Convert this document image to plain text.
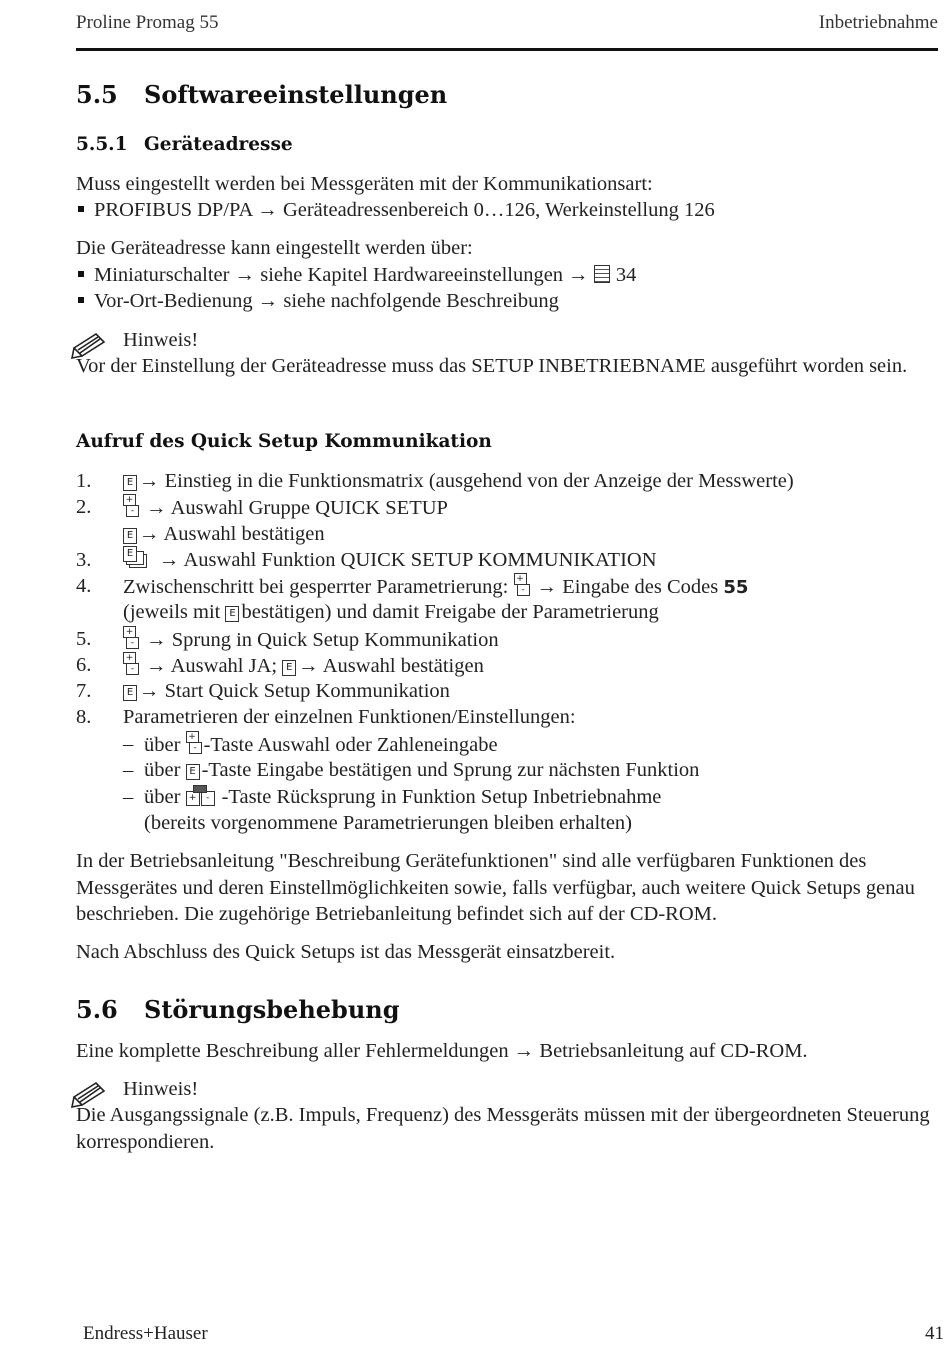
Proline Promag 55	Inbetriebnahme
5.5 Softwareeinstellungen
5.5.1 Geräteadresse
Muss eingestellt werden bei Messgeräten mit der Kommunikationsart:
PROFIBUS DP/PA → Geräteadressenbereich 0…126, Werkeinstellung 126
Die Geräteadresse kann eingestellt werden über:
Miniaturschalter → siehe Kapitel Hardwareeinstellungen → 34
Vor-Ort-Bedienung → siehe nachfolgende Beschreibung
Hinweis!
Vor der Einstellung der Geräteadresse muss das SETUP INBETRIEBNAME ausgeführt worden sein.
Aufruf des Quick Setup Kommunikation
1.	E → Einstieg in die Funktionsmatrix (ausgehend von der Anzeige der Messwerte)
2.	+
- → Auswahl Gruppe QUICK SETUP
E → Auswahl bestätigen
3.	E → Auswahl Funktion QUICK SETUP KOMMUNIKATION
4.	Zwischenschritt bei gesperrter Parametrierung: +
- → Eingabe des Codes 55
(jeweils mit E bestätigen) und damit Freigabe der Parametrierung
5.	+
- → Sprung in Quick Setup Kommunikation
6.	+
- → Auswahl JA; E → Auswahl bestätigen
7.	E → Start Quick Setup Kommunikation
8.	Parametrieren der einzelnen Funktionen/Einstellungen:
– über +
- -Taste Auswahl oder Zahleneingabe
– über E -Taste Eingabe bestätigen und Sprung zur nächsten Funktion
– über +	- -Taste Rücksprung in Funktion Setup Inbetriebnahme
(bereits vorgenommene Parametrierungen bleiben erhalten)
In der Betriebsanleitung "Beschreibung Gerätefunktionen" sind alle verfügbaren Funktionen des Messgerätes und deren Einstellmöglichkeiten sowie, falls verfügbar, auch weitere Quick Setups genau beschrieben. Die zugehörige Betriebanleitung befindet sich auf der CD-ROM.
Nach Abschluss des Quick Setups ist das Messgerät einsatzbereit.
5.6 Störungsbehebung
Eine komplette Beschreibung aller Fehlermeldungen → Betriebsanleitung auf CD-ROM.
Hinweis!
Die Ausgangssignale (z.B. Impuls, Frequenz) des Messgeräts müssen mit der übergeordneten Steuerung korrespondieren.
Endress+Hauser	41
